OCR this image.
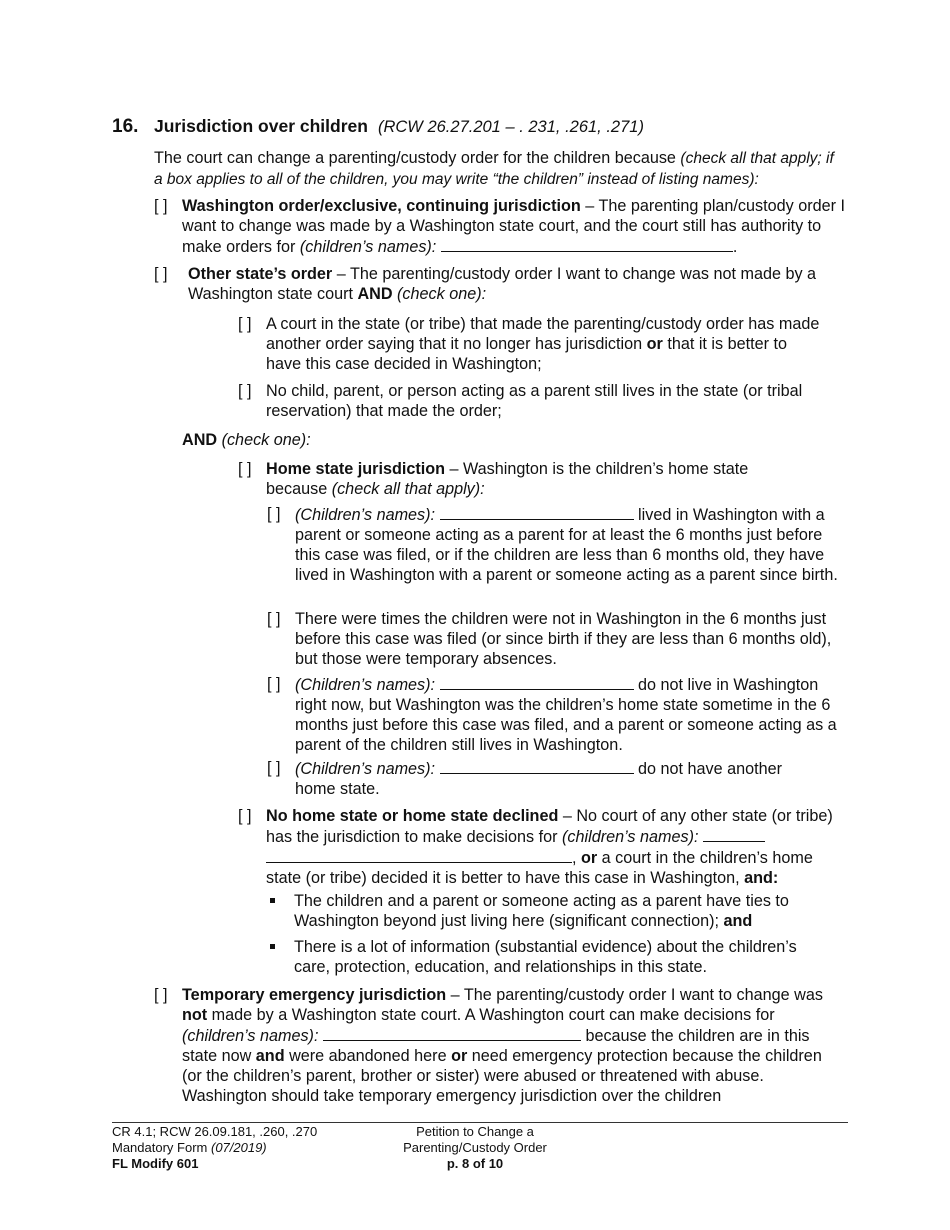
16. Jurisdiction over children (RCW 26.27.201 – . 231, .261, .271)
The court can change a parenting/custody order for the children because (check all that apply; if a box applies to all of the children, you may write “the children” instead of listing names):
[ ] Washington order/exclusive, continuing jurisdiction – The parenting plan/custody order I want to change was made by a Washington state court, and the court still has authority to make orders for (children’s names):	.
[ ] Other state’s order – The parenting/custody order I want to change was not made by a Washington state court AND (check one):
[ ] A court in the state (or tribe) that made the parenting/custody order has made another order saying that it no longer has jurisdiction or that it is better to have this case decided in Washington;
[ ] No child, parent, or person acting as a parent still lives in the state (or tribal reservation) that made the order;
AND (check one):
[ ] Home state jurisdiction – Washington is the children’s home state because (check all that apply):
[ ] (Children’s names):	lived in Washington with a parent or someone acting as a parent for at least the 6 months just before this case was filed, or if the children are less than 6 months old, they have lived in Washington with a parent or someone acting as a parent since birth.
[ ] There were times the children were not in Washington in the 6 months just before this case was filed (or since birth if they are less than 6 months old), but those were temporary absences.
[ ] (Children’s names):	do not live in Washington right now, but Washington was the children’s home state sometime in the 6 months just before this case was filed, and a parent or someone acting as a parent of the children still lives in Washington.
[ ] (Children’s names):	do not have another home state.
[ ] No home state or home state declined – No court of any other state (or tribe) has the jurisdiction to make decisions for (children’s names):  , or a court in the children’s home state (or tribe) decided it is better to have this case in Washington, and:
The children and a parent or someone acting as a parent have ties to Washington beyond just living here (significant connection); and
There is a lot of information (substantial evidence) about the children’s care, protection, education, and relationships in this state.
[ ] Temporary emergency jurisdiction – The parenting/custody order I want to change was not made by a Washington state court. A Washington court can make decisions for (children’s names):	because the children are in this state now and were abandoned here or need emergency protection because the children (or the children’s parent, brother or sister) were abused or threatened with abuse. Washington should take temporary emergency jurisdiction over the children
CR 4.1; RCW 26.09.181, .260, .270
Mandatory Form (07/2019)
FL Modify 601
Petition to Change a
Parenting/Custody Order
p. 8 of 10
